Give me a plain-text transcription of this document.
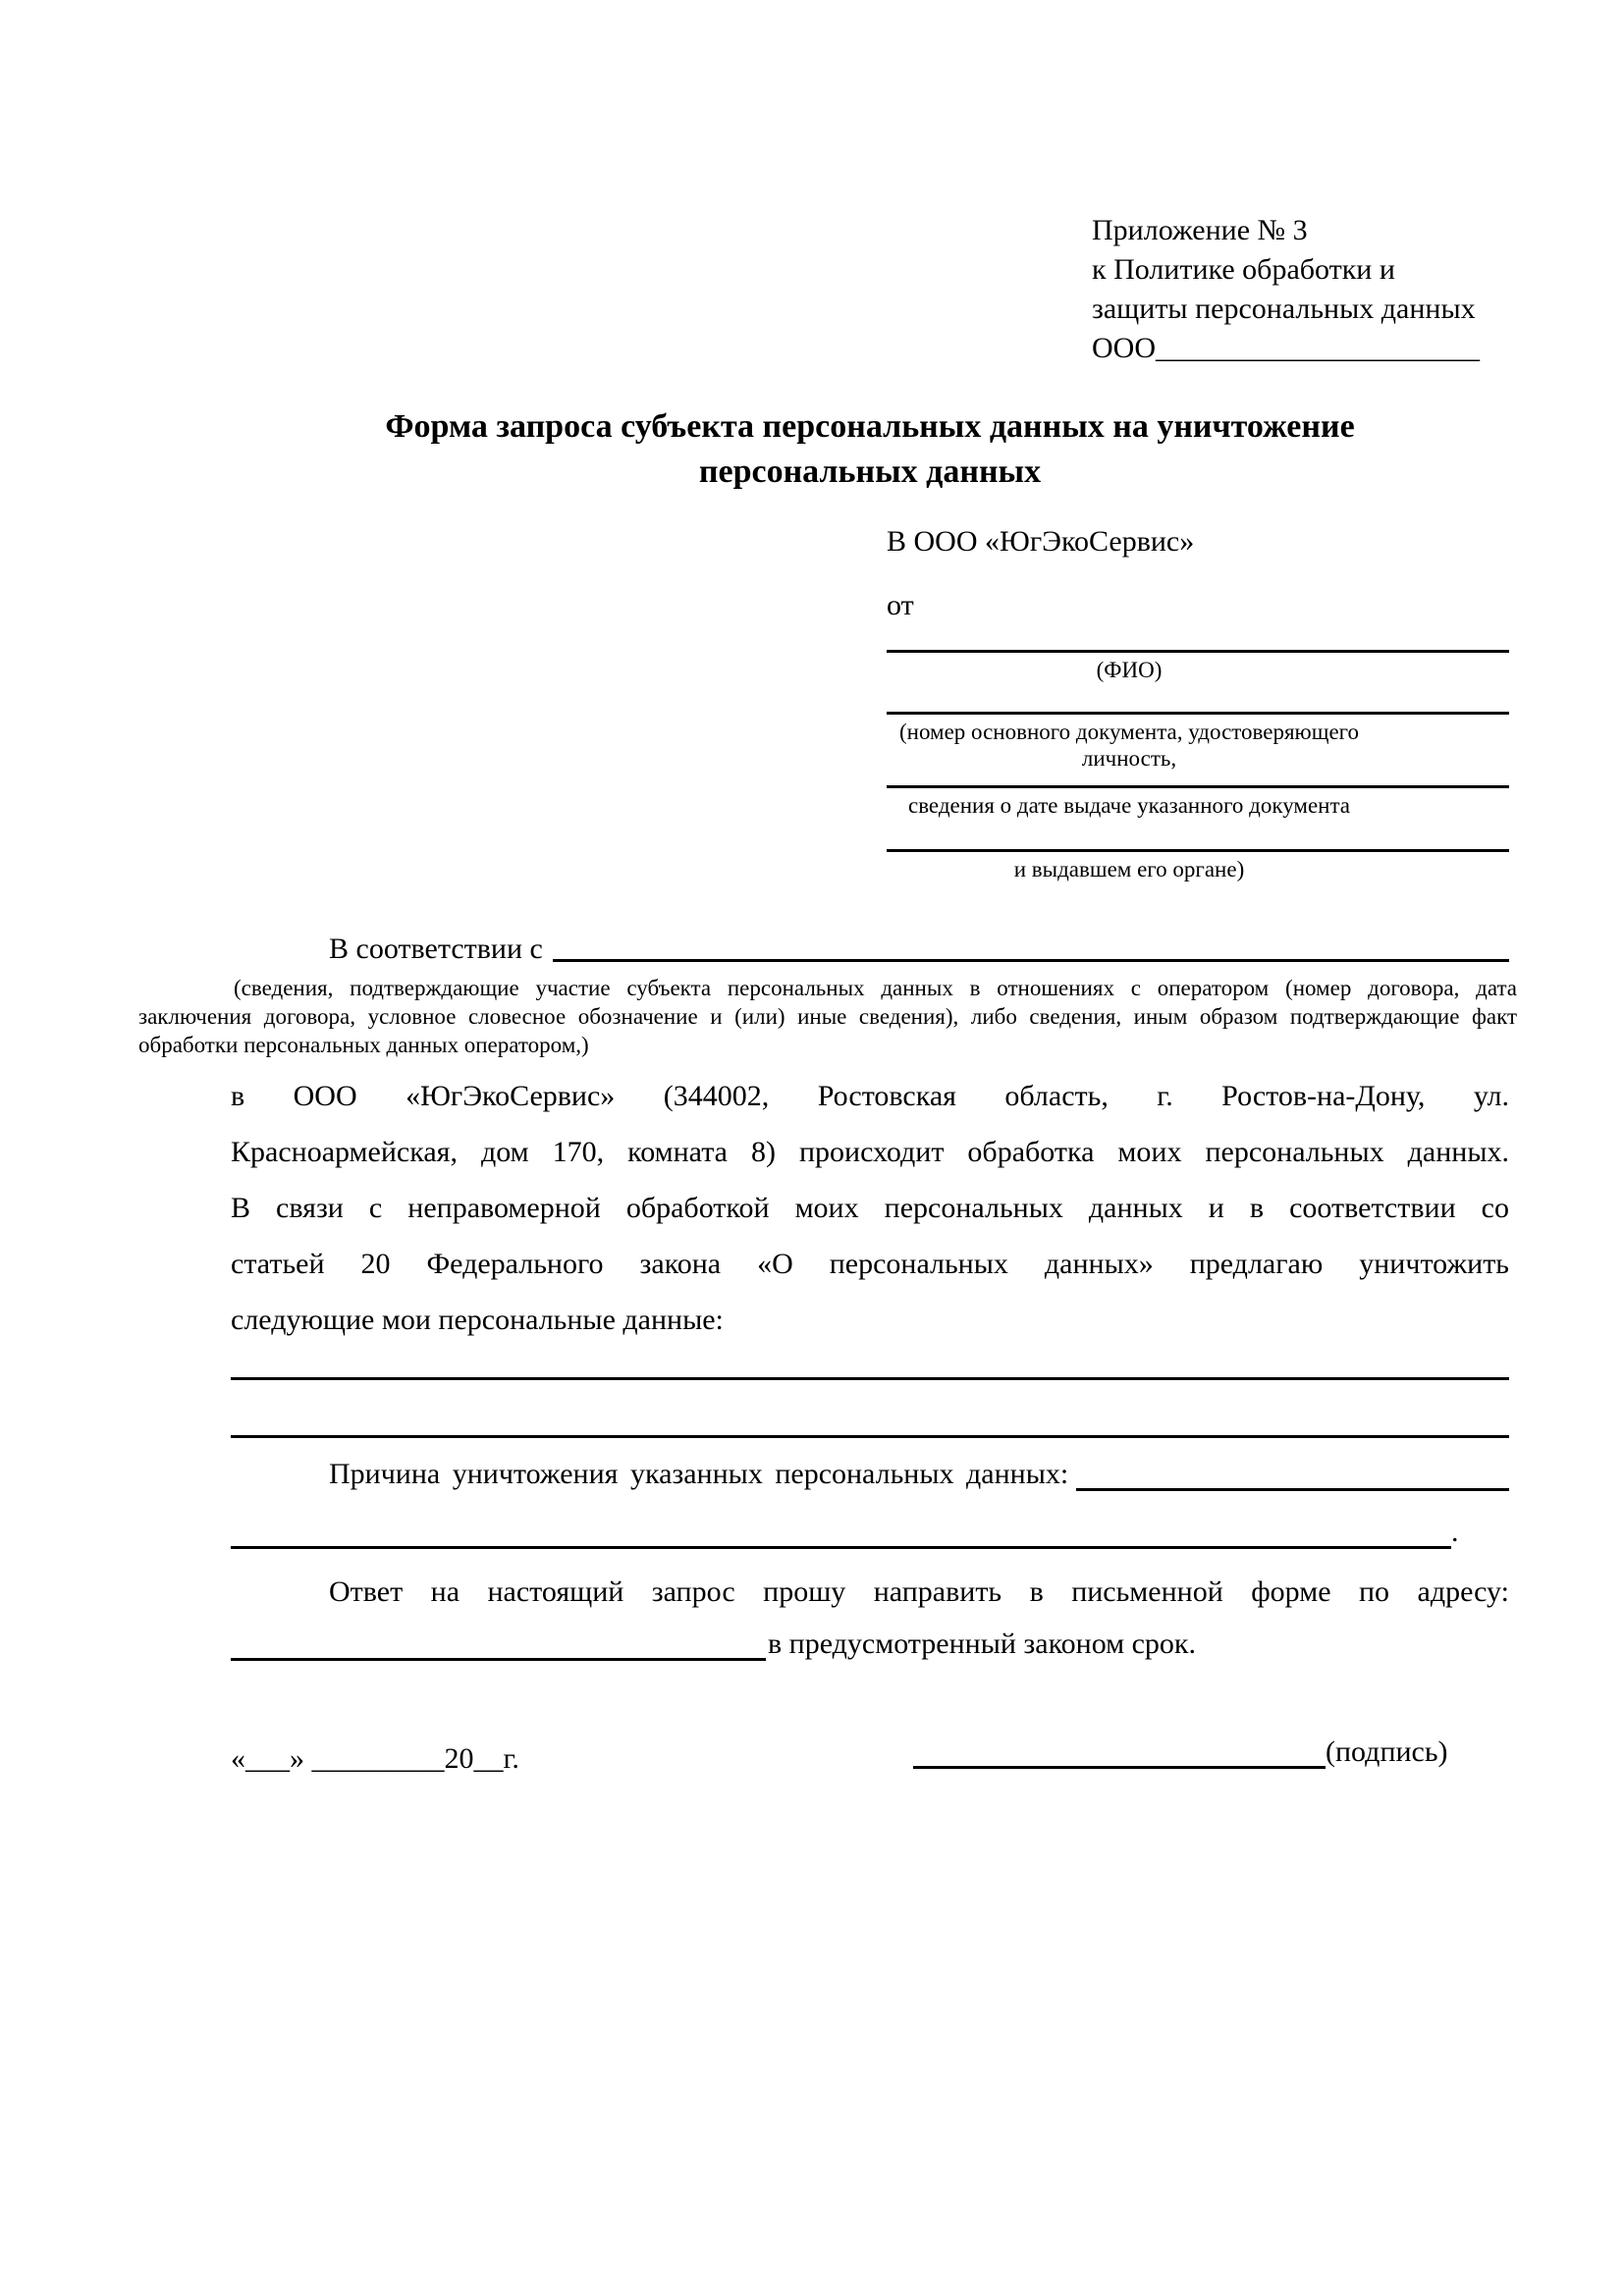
Приложение № 3
к Политике обработки и
защиты персональных данных
ООО______________________
Форма запроса субъекта персональных данных на уничтожение
персональных данных
В ООО «ЮгЭкоСервис»
от
(ФИО)
(номер основного документа, удостоверяющего личность,
сведения о дате выдаче указанного документа
и выдавшем его органе)
В соответствии с
(сведения, подтверждающие участие субъекта персональных данных в отношениях с оператором (номер договора, дата
заключения договора, условное словесное обозначение и (или) иные сведения), либо сведения, иным образом подтверждающие факт
обработки персональных данных оператором,)
в ООО «ЮгЭкоСервис» (344002, Ростовская область, г. Ростов-на-Дону, ул.
Красноармейская, дом 170, комната 8) происходит обработка моих персональных данных.
В связи с неправомерной обработкой моих персональных данных и в соответствии со
статьей 20 Федерального закона «О персональных данных» предлагаю уничтожить
следующие мои персональные данные:
Причина уничтожения указанных персональных данных:
.
Ответ на настоящий запрос прошу направить в письменной форме по адресу:
в предусмотренный законом срок.
«___» _________20__г.	(подпись)
